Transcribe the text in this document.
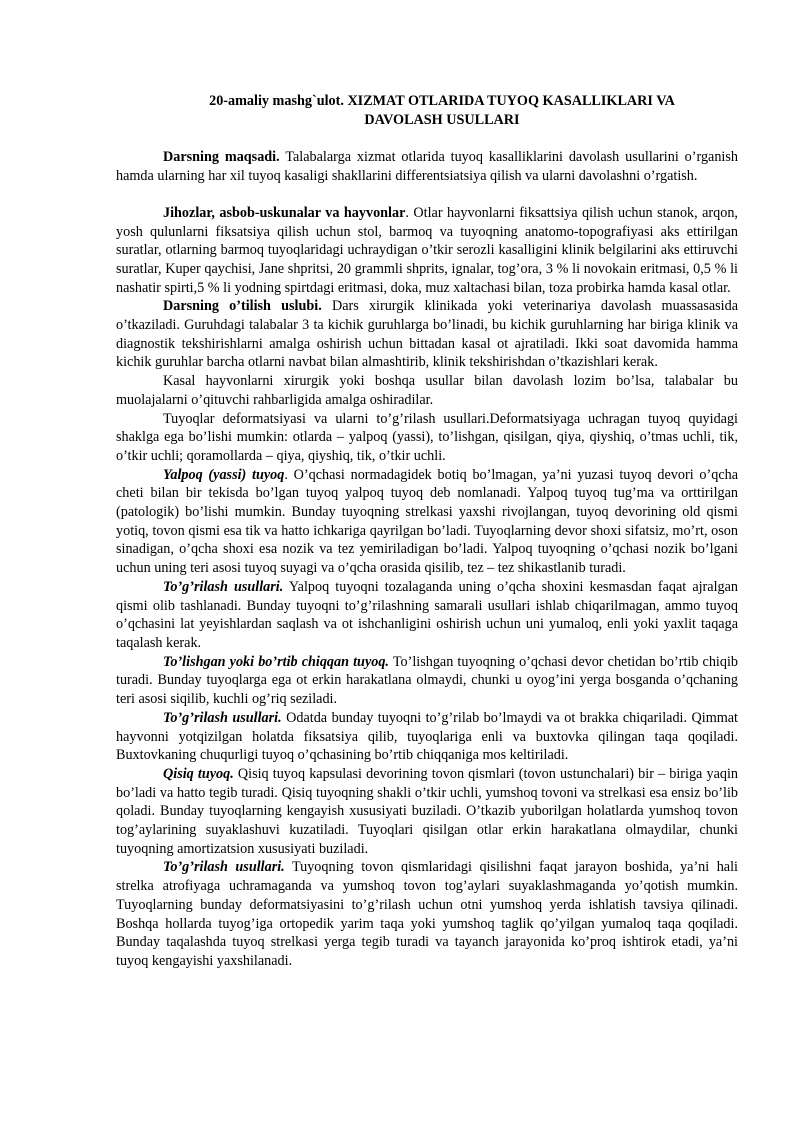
20-amaliy mashg`ulot. XIZMAT OTLARIDA TUYOQ KASALLIKLARI VA
DAVOLASH USULLARI

Darsning maqsadi. Talabalarga xizmat otlarida tuyoq kasalliklarini davolash usullarini o’rganish hamda ularning har xil tuyoq kasaligi shakllarini differentsiatsiya qilish va ularni davolashni o’rgatish.

Jihozlar, asbob-uskunalar va hayvonlar. Otlar hayvonlarni fiksattsiya qilish uchun stanok, arqon, yosh qulunlarni fiksatsiya qilish uchun stol, barmoq va tuyoqning anatomo-topografiyasi aks ettirilgan suratlar, otlarning barmoq tuyoqlaridagi uchraydigan o’tkir serozli kasalligini klinik belgilarini aks ettiruvchi suratlar, Kuper qaychisi, Jane shpritsi, 20 grammli shprits, ignalar, tog’ora, 3 % li novokain eritmasi, 0,5 % li nashatir spirti,5 % li yodning spirtdagi eritmasi, doka, muz xaltachasi bilan, toza probirka hamda kasal otlar.

Darsning o’tilish uslubi. Dars xirurgik klinikada yoki veterinariya davolash muassasasida o’tkaziladi. Guruhdagi talabalar 3 ta kichik guruhlarga bo’linadi, bu kichik guruhlarning har biriga klinik va diagnostik tekshirishlarni amalga oshirish uchun bittadan kasal ot ajratiladi. Ikki soat davomida hamma kichik guruhlar barcha otlarni navbat bilan almashtirib, klinik tekshirishdan o’tkazishlari kerak.

Kasal hayvonlarni xirurgik yoki boshqa usullar bilan davolash lozim bo’lsa, talabalar bu muolajalarni o’qituvchi rahbarligida amalga oshiradilar.

Tuyoqlar deformatsiyasi va ularni to’g’rilash usullari.Deformatsiyaga uchragan tuyoq quyidagi shaklga ega bo’lishi mumkin: otlarda – yalpoq (yassi), to’lishgan, qisilgan, qiya, qiyshiq, o’tmas uchli, tik, o’tkir uchli; qoramollarda – qiya, qiyshiq, tik, o’tkir uchli.

Yalpoq (yassi) tuyoq. O’qchasi normadagidek botiq bo’lmagan, ya’ni yuzasi tuyoq devori o’qcha cheti bilan bir tekisda bo’lgan tuyoq yalpoq tuyoq deb nomlanadi. Yalpoq tuyoq tug’ma va orttirilgan (patologik) bo’lishi mumkin. Bunday tuyoqning strelkasi yaxshi rivojlangan, tuyoq devorining old qismi yotiq, tovon qismi esa tik va hatto ichkariga qayrilgan bo’ladi. Tuyoqlarning devor shoxi sifatsiz, mo’rt, oson sinadigan, o’qcha shoxi esa nozik va tez yemiriladigan bo’ladi. Yalpoq tuyoqning o’qchasi nozik bo’lgani uchun uning teri asosi tuyoq suyagi va o’qcha orasida qisilib, tez – tez shikastlanib turadi.

To’g’rilash usullari. Yalpoq tuyoqni tozalaganda uning o’qcha shoxini kesmasdan faqat ajralgan qismi olib tashlanadi. Bunday tuyoqni to’g’rilashning samarali usullari ishlab chiqarilmagan, ammo tuyoq o’qchasini lat yeyishlardan saqlash va ot ishchanligini oshirish uchun uni yumaloq, enli yoki yaxlit taqaga taqalash kerak.

To’lishgan yoki bo’rtib chiqqan tuyoq. To’lishgan tuyoqning o’qchasi devor chetidan bo’rtib chiqib turadi. Bunday tuyoqlarga ega ot erkin harakatlana olmaydi, chunki u oyog’ini yerga bosganda o’qchaning teri asosi siqilib, kuchli og’riq seziladi.

To’g’rilash usullari. Odatda bunday tuyoqni to’g’rilab bo’lmaydi va ot brakka chiqariladi. Qimmat hayvonni yotqizilgan holatda fiksatsiya qilib, tuyoqlariga enli va buxtovka qilingan taqa qoqiladi. Buxtovkaning chuqurligi tuyoq o’qchasining bo’rtib chiqqaniga mos keltiriladi.

Qisiq tuyoq. Qisiq tuyoq kapsulasi devorining tovon qismlari (tovon ustunchalari) bir – biriga yaqin bo’ladi va hatto tegib turadi. Qisiq tuyoqning shakli o’tkir uchli, yumshoq tovoni va strelkasi esa ensiz bo’lib qoladi. Bunday tuyoqlarning kengayish xususiyati buziladi. O’tkazib yuborilgan holatlarda yumshoq tovon tog’aylarining suyaklashuvi kuzatiladi. Tuyoqlari qisilgan otlar erkin harakatlana olmaydilar, chunki tuyoqning amortizatsion xususiyati buziladi.

To’g’rilash usullari. Tuyoqning tovon qismlaridagi qisilishni faqat jarayon boshida, ya’ni hali strelka atrofiyaga uchramaganda va yumshoq tovon tog’aylari suyaklashmaganda yo’qotish mumkin. Tuyoqlarning bunday deformatsiyasini to’g’rilash uchun otni yumshoq yerda ishlatish tavsiya qilinadi. Boshqa hollarda tuyog’iga ortopedik yarim taqa yoki yumshoq taglik qo’yilgan yumaloq taqa qoqiladi. Bunday taqalashda tuyoq strelkasi yerga tegib turadi va tayanch jarayonida ko’proq ishtirok etadi, ya’ni tuyoq kengayishi yaxshilanadi.
